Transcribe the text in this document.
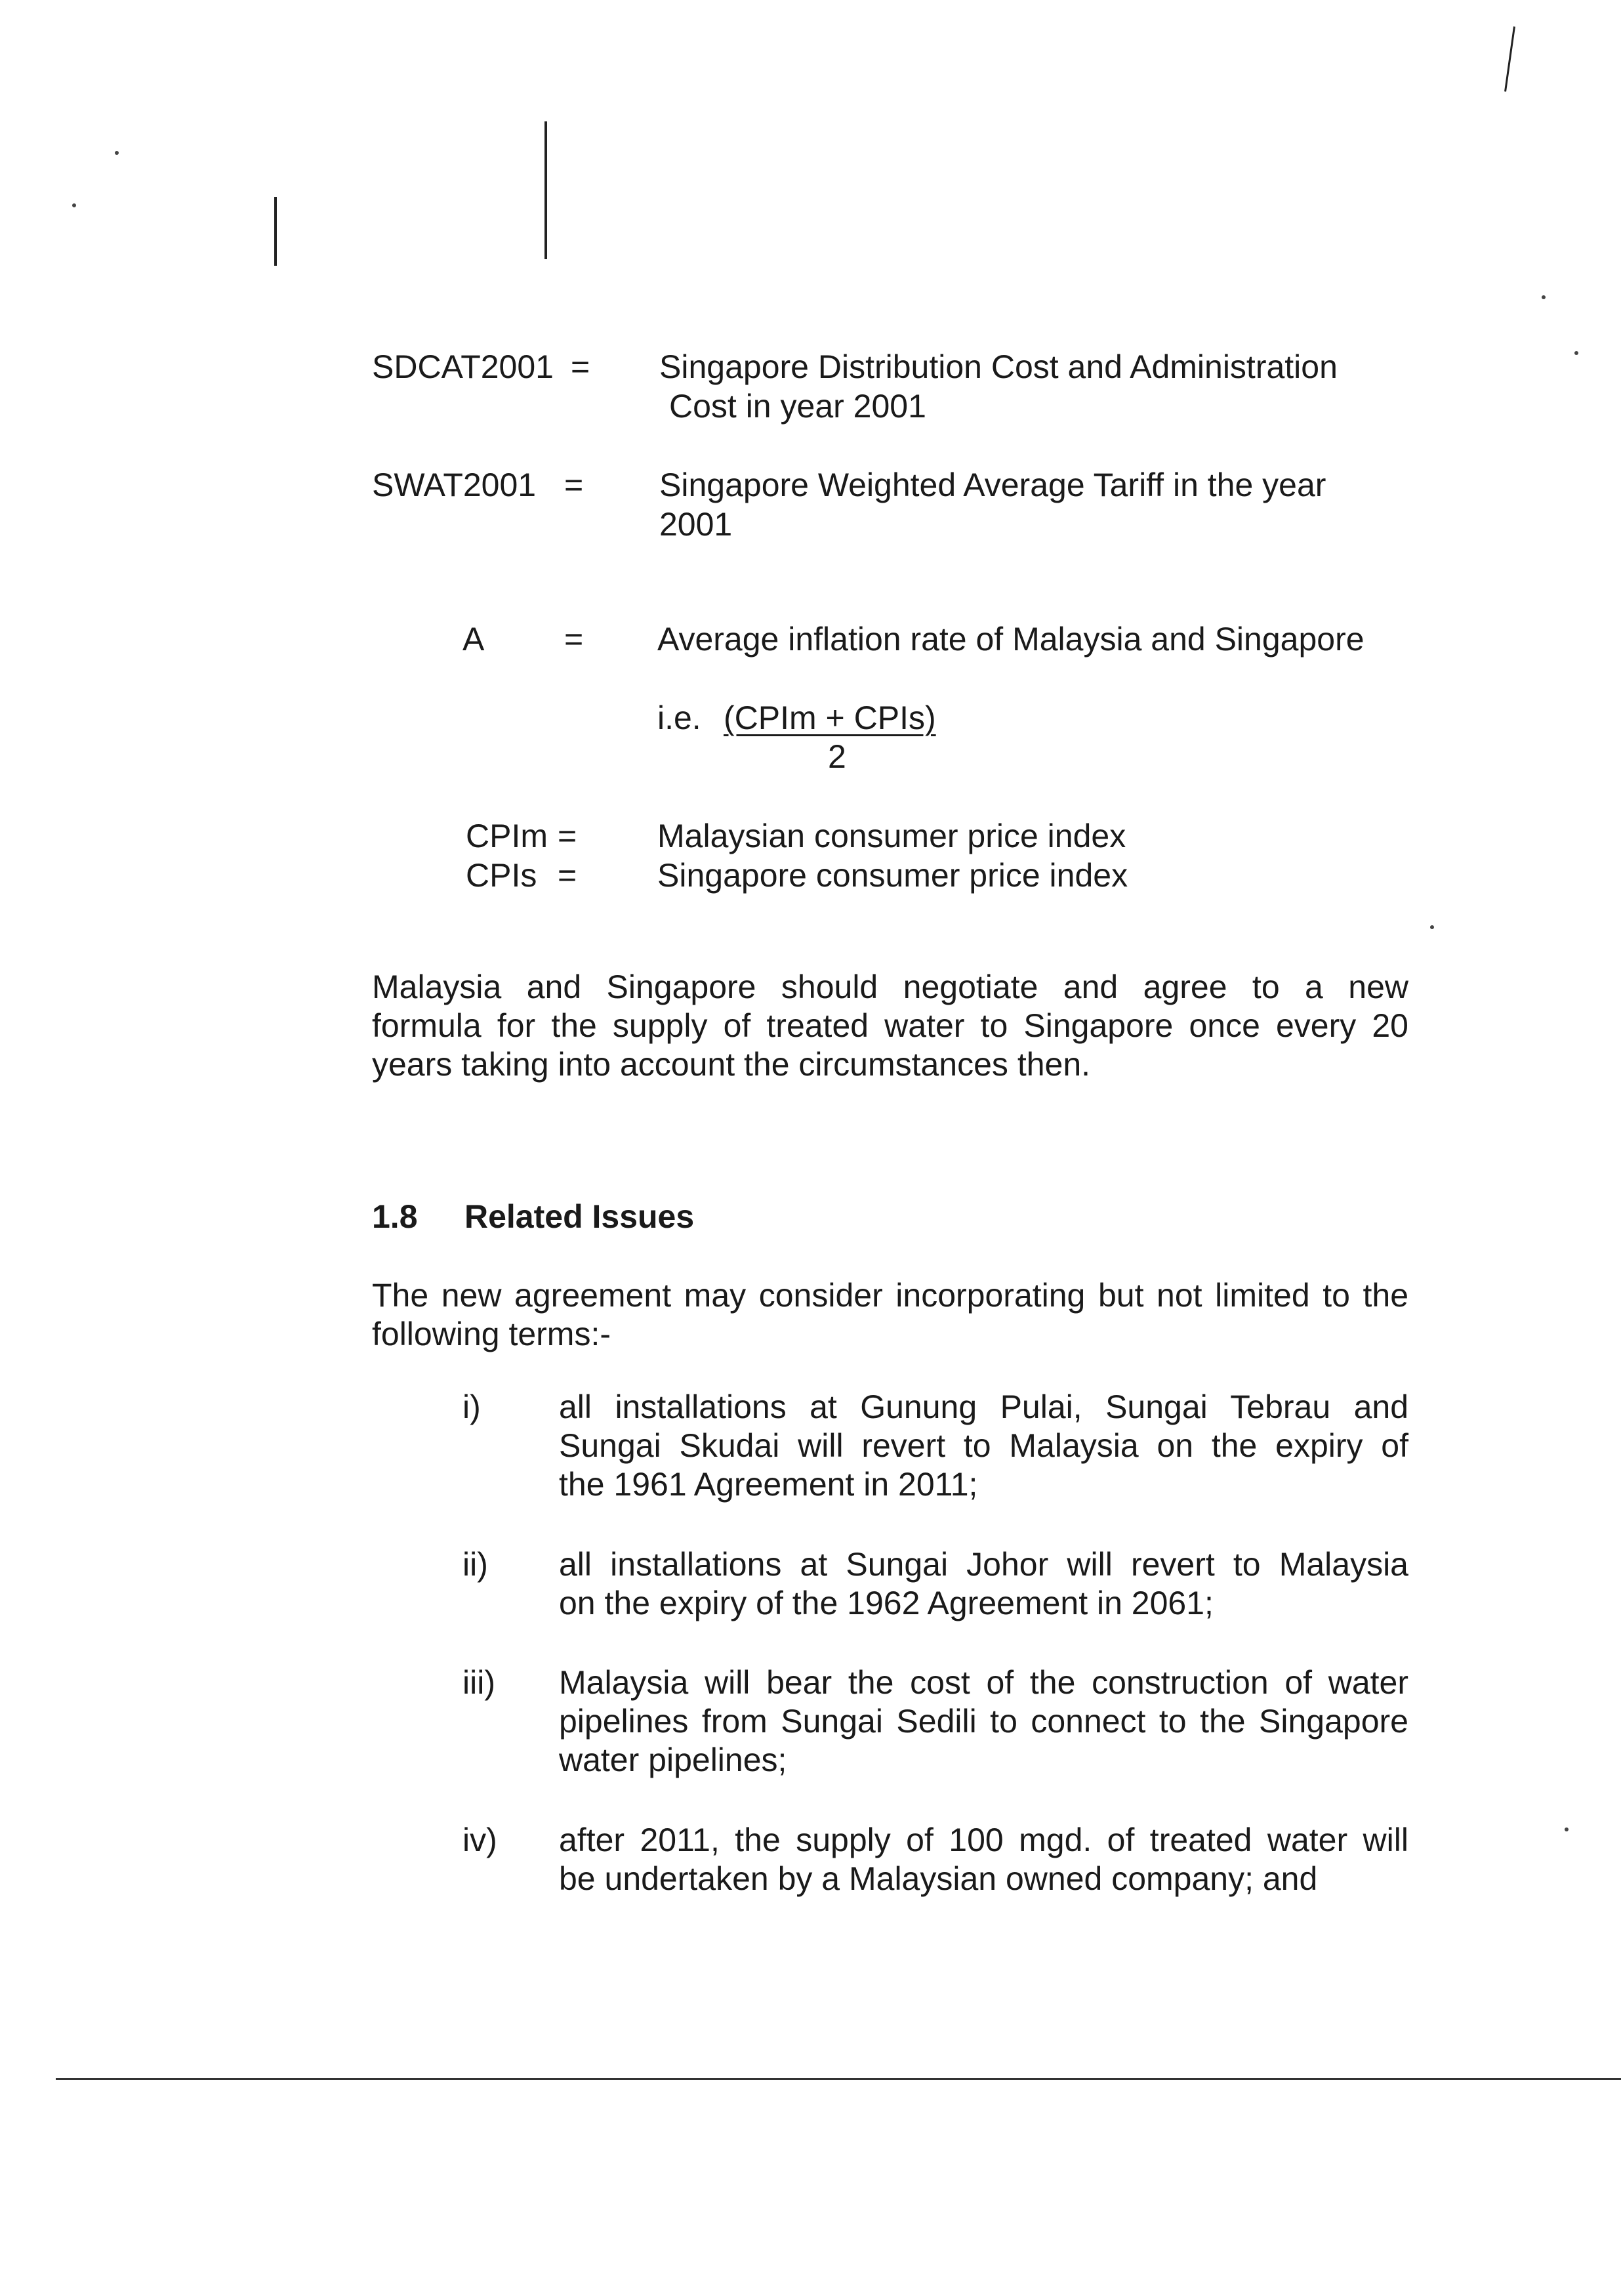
SDCAT2001 = Singapore Distribution Cost and Administration
Cost in year 2001
SWAT2001 = Singapore Weighted Average Tariff in the year
2001
A = Average inflation rate of Malaysia and Singapore
i.e. (CPIm + CPIs)
2
CPIm = Malaysian consumer price index
CPIs = Singapore consumer price index
Malaysia and Singapore should negotiate and agree to a new
formula for the supply of treated water to Singapore once every 20
years taking into account the circumstances then.
1.8 Related Issues
The new agreement may consider incorporating but not limited to the
following terms:-
i) all installations at Gunung Pulai, Sungai Tebrau and
Sungai Skudai will revert to Malaysia on the expiry of
the 1961 Agreement in 2011;
ii) all installations at Sungai Johor will revert to Malaysia
on the expiry of the 1962 Agreement in 2061;
iii) Malaysia will bear the cost of the construction of water
pipelines from Sungai Sedili to connect to the Singapore
water pipelines;
iv) after 2011, the supply of 100 mgd. of treated water will
be undertaken by a Malaysian owned company; and
